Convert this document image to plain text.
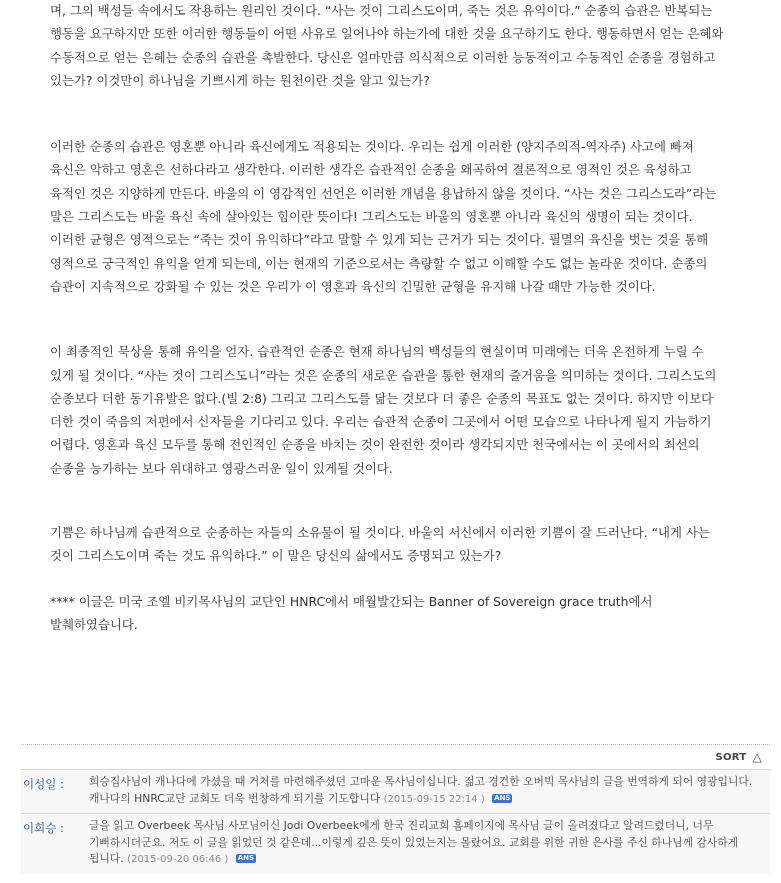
며, 그의 백성들 속에서도 작용하는 원리인 것이다. “사는 것이 그리스도이며, 죽는 것은 유익이다.” 순종의 습관은 반복되는 행동을 요구하지만 또한 이러한 행동들이 어떤 사유로 일어나야 하는가에 대한 것을 요구하기도 한다. 행동하면서 얻는 은혜와 수동적으로 얻는 은혜는 순종의 습관을 촉발한다. 당신은 얼마만큼 의식적으로 이러한 능동적이고 수동적인 순종을 경험하고 있는가? 이것만이 하나님을 기쁘시게 하는 원천이란 것을 알고 있는가?

이러한 순종의 습관은 영혼뿐 아니라 육신에게도 적용되는 것이다. 우리는 쉽게 이러한 (양지주의적-역자주) 사고에 빠져 육신은 악하고 영혼은 선하다라고 생각한다. 이러한 생각은 습관적인 순종을 왜곡하여 결론적으로 영적인 것은 육성하고 육적인 것은 지양하게 만든다. 바울의 이 영감적인 선언은 이러한 개념을 용납하지 않을 것이다. “사는 것은 그리스도라”라는 말은 그리스도는 바울 육신 속에 살아있는 힘이란 뜻이다! 그리스도는 바울의 영혼뿐 아니라 육신의 생명이 되는 것이다. 이러한 균형은 영적으로는 “죽는 것이 유익하다”라고 말할 수 있게 되는 근거가 되는 것이다. 필멸의 육신을 벗는 것을 통해 영적으로 궁극적인 유익을 얻게 되는데, 이는 현재의 기준으로서는 측량할 수 없고 이해할 수도 없는 놀라운 것이다. 순종의 습관이 지속적으로 강화될 수 있는 것은 우리가 이 영혼과 육신의 긴밀한 균형을 유지해 나갈 때만 가능한 것이다.

이 최종적인 묵상을 통해 유익을 얻자. 습관적인 순종은 현재 하나님의 백성들의 현실이며 미래에는 더욱 온전하게 누릴 수 있게 될 것이다. “사는 것이 그리스도니”라는 것은 순종의 새로운 습관을 통한 현재의 즐거움을 의미하는 것이다. 그리스도의 순종보다 더한 동기유발은 없다.(빌 2:8) 그리고 그리스도를 닮는 것보다 더 좋은 순종의 목표도 없는 것이다. 하지만 이보다 더한 것이 죽음의 저편에서 신자들을 기다리고 있다. 우리는 습관적 순종이 그곳에서 어떤 모습으로 나타나게 될지 가늠하기 어렵다. 영혼과 육신 모두를 통해 전인적인 순종을 바치는 것이 완전한 것이라 생각되지만 천국에서는 이 곳에서의 최선의 순종을 능가하는 보다 위대하고 영광스러운 일이 있게될 것이다.

기쁨은 하나님께 습관적으로 순종하는 자들의 소유물이 될 것이다. 바울의 서신에서 이러한 기쁨이 잘 드러난다. “내게 사는 것이 그리스도이며 죽는 것도 유익하다.” 이 말은 당신의 삶에서도 증명되고 있는가?

**** 이글은 미국 조엘 비키목사님의 교단인 HNRC에서 매월발간되는 Banner of Sovereign grace truth에서 발췌하였습니다.

SORT △
이성일 :	희승집사님이 캐나다에 가셨을 때 거처를 마련해주셨던 고마운 목사님이십니다. 젊고 경건한 오버빅 목사님의 글을 번역하게 되어 영광입니다. 캐나다의 HNRC교단 교회도 더욱 번창하게 되기를 기도합니다 (2015-09-15 22:14 ) ANS
이희승 :	글을 읽고 Overbeek 목사님 사모님이신 Jodi Overbeek에게 한국 진리교회 홈페이지에 목사님 글이 올려졌다고 알려드렸더니, 너무 기뻐하시더군요. 저도 이 글을 읽었던 것 같은데...이렇게 깊은 뜻이 있었는지는 몰랐어요. 교회를 위한 귀한 은사를 주신 하나님께 감사하게 됩니다. (2015-09-20 06:46 ) ANS
